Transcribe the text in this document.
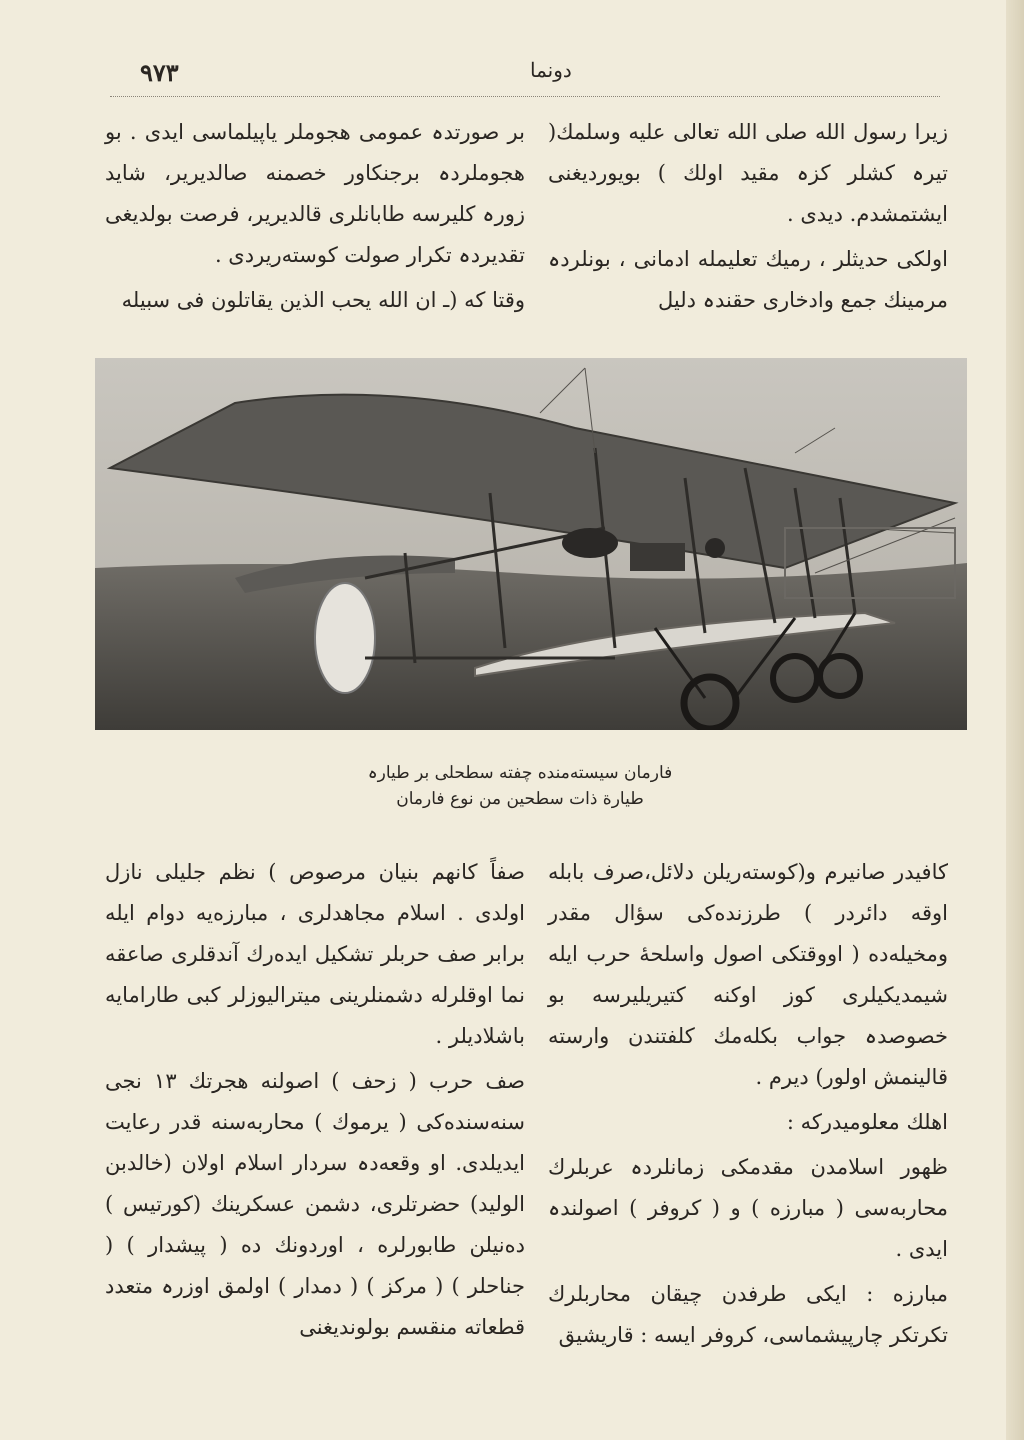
۹۷۳	دونما

زیرا رسول الله صلی الله تعالی علیه وسلمك( تیرہ کشلر کزہ مقید اولك ) بویوردیغنی ایشتمشدم. دیدی .

اولکی حدیثلر ، رمیك تعلیمله ادمانی ، بونلردہ مرمینك جمع وادخاری حقندہ دلیل

بر صورتدہ عمومی هجوملر یاپیلماسی ایدی . بو هجوملردہ برجنکاور خصمنه صالدیریر، شاید زورہ کلیرسه طابانلری قالدیریر، فرصت بولدیغی تقدیردہ تکرار صولت کوستەریردی .

وقتا که (ـ ان الله یحب الذین یقاتلون فی سبیله

فارمان سیستەمندە چفته سطحلی بر طیارہ
طیارة ذات سطحین من نوع فارمان

کافیدر صانیرم و(کوستەریلن دلائل،صرف بابله اوقه دائردر ) طرزندەکی سؤال مقدر ومخیلەدە ( اووقتکی اصول واسلحهٔ حرب ایله شیمدیکیلری کوز اوکنه کتیریلیرسه بو خصوصدہ جواب بکلەمك کلفتندن وارستە قالینمش اولور) دیرم .

اهلك معلومیدرکه :

ظهور اسلامدن مقدمکی زمانلردہ عربلرك محاربەسی ( مبارزە ) و ( کروفر ) اصولندہ ایدی .

مبارزە : ایکی طرفدن چیقان محاربلرك تکرتکر چارپیشماسی، کروفر ایسه : قاریشیق

صفاً کانهم بنیان مرصوص ) نظم جلیلی نازل اولدی . اسلام مجاهدلری ، مبارزەیه دوام ایله برابر صف حربلر تشکیل ایدەرك آندقلری صاعقه نما اوقلرله دشمنلرینی میترالیوزلر کبی طارامایه باشلادیلر .

صف حرب ( زحف ) اصولنه هجرتك ۱۳ نجی سنەسندەکی ( یرموك ) محاربەسنه قدر رعایت ایدیلدی. او وقعەدہ سردار اسلام اولان (خالدبن الولید) حضرتلری، دشمن عسکرینك (کورتیس ) دەنیلن طابورلره ، اوردونك دە ( پیشدار ) ( جناحلر ) ( مرکز ) ( دمدار ) اولمق اوزرہ متعدد قطعاته منقسم بولوندیغنی
